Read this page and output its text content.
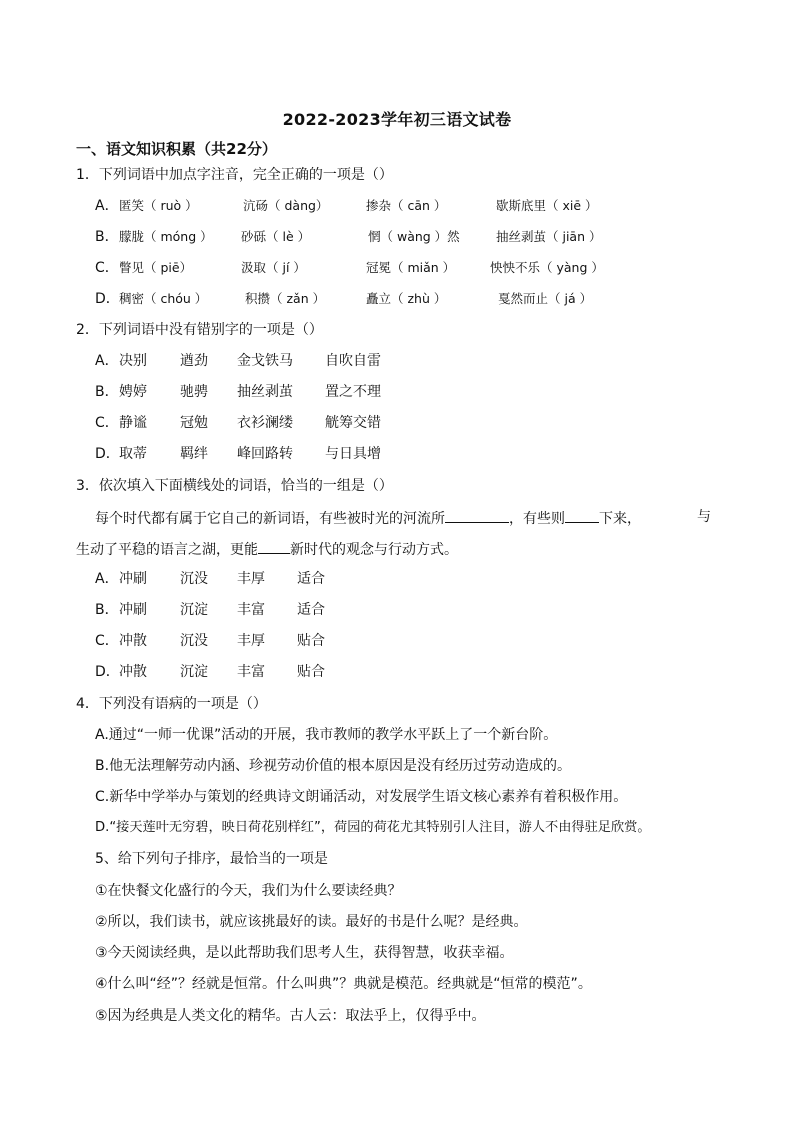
2022-2023学年初三语文试卷
一、语文知识积累（共22分）
1．下列词语中加点字注音，完全正确的一项是（）
A． 匿笑（ ruò ）	沆砀（ dàng）	掺杂（ cān ）	歇斯底里（ xiē ）
B． 朦胧（ móng ） 砂砾（ lè ）	惘（ wàng ）然	抽丝剥茧（ jiān ）
C． 瞥见（ piē）	汲取（ jí ）	冠冕（ miǎn ）	怏怏不乐（ yàng ）
D． 稠密（ chóu ）	积攒（ zǎn ）	矗立（ zhù ）	戛然而止（ já ）
2．下列词语中没有错别字的一项是（）
A． 决别 遒劲 金戈铁马 自吹自雷
B． 娉婷 驰骋 抽丝剥茧 置之不理
C． 静谧 冠勉 衣衫澜缕 觥筹交错
D． 取蒂 羁绊 峰回路转 与日具增
3．依次填入下面横线处的词语，恰当的一组是（）
每个时代都有属于它自己的新词语，有些被时光的河流所	，有些则 下来，	与
生动了平稳的语言之湖，更能 新时代的观念与行动方式。
A． 冲刷 沉没 丰厚 适合
B． 冲刷 沉淀 丰富 适合
C． 冲散 沉没 丰厚 贴合
D． 冲散 沉淀 丰富 贴合
4．下列没有语病的一项是（）
A.通过“一师一优课”活动的开展，我市教师的教学水平跃上了一个新台阶。
B.他无法理解劳动内涵、珍视劳动价值的根本原因是没有经历过劳动造成的。
C.新华中学举办与策划的经典诗文朗诵活动，对发展学生语文核心素养有着积极作用。
D.“接天莲叶无穷碧，映日荷花别样红”，荷园的荷花尤其特别引人注目，游人不由得驻足欣赏。
5、给下列句子排序，最恰当的一项是
①在快餐文化盛行的今天，我们为什么要读经典？
②所以，我们读书，就应该挑最好的读。最好的书是什么呢？是经典。
③今天阅读经典，是以此帮助我们思考人生，获得智慧，收获幸福。
④什么叫“经”？经就是恒常。什么叫典”？典就是模范。经典就是“恒常的模范”。
⑤因为经典是人类文化的精华。古人云：取法乎上，仅得乎中。
